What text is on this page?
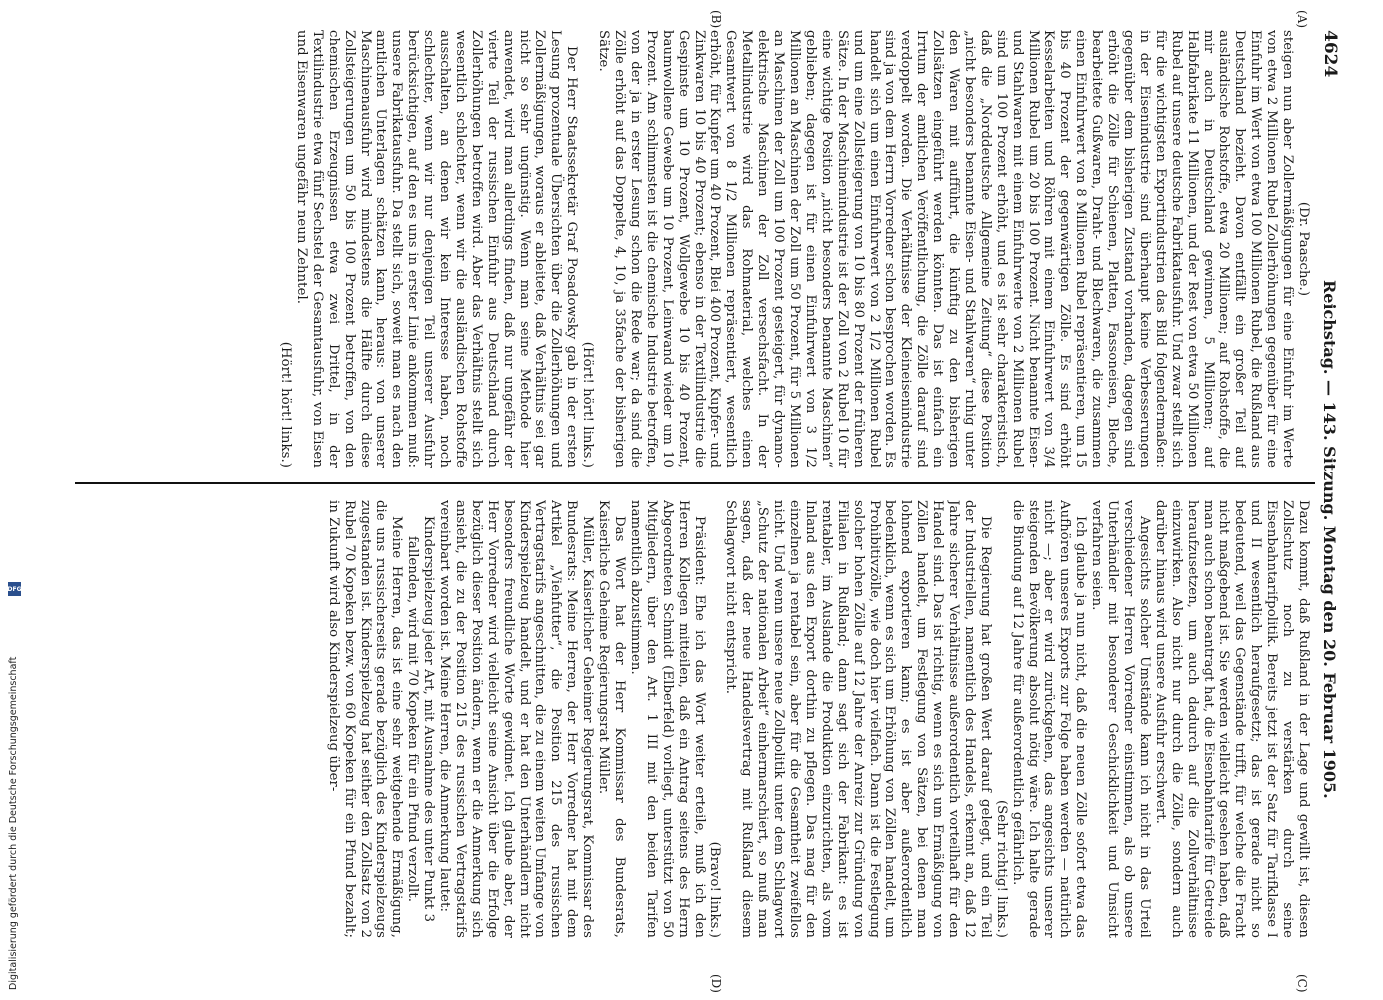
4624
Reichstag. — 143. Sitzung. Montag den 20. Februar 1905.
(A)
(B)
(C)
(D)

(Dr. Paasche.)

steigen nun aber Zollermäßigungen für eine Einfuhr im Werte von etwa 2 Millionen Rubel Zollerhöhungen gegenüber für eine Einfuhr im Wert von etwa 100 Millionen Rubel, die Rußland aus Deutschland bezieht. Davon entfällt ein großer Teil auf ausländische Rohstoffe, etwa 20 Millionen; auf Rohstoffe, die mir auch in Deutschland gewinnen, 5 Millionen; auf Halbfabrikate 11 Millionen, und der Rest von etwa 50 Millionen Rubel auf unsere deutsche Fabrikatausfuhr. Und zwar stellt sich für die wichtigsten Exportindustrien das Bild folgendermaßen: in der Eisenindustrie sind überhaupt keine Verbesserungen gegenüber dem bisherigen Zustand vorhanden, dagegen sind erhöht die Zölle für Schienen, Platten, Fassoneisen, Bleche, bearbeitete Gußwaren, Draht- und Blechwaren, die zusammen einen Einfuhrwert von 8 Millionen Rubel repräsentieren, um 15 bis 40 Prozent der gegenwärtigen Zölle. Es sind erhöht Kesselarbeiten und Röhren mit einem Einfuhrwert von 3/4 Millionen Rubel um 20 bis 100 Prozent. Nicht benannte Eisen- und Stahlwaren mit einem Einfuhrwerte von 2 Millionen Rubel sind um 100 Prozent erhöht, und es ist sehr charakteristisch, daß die „Norddeutsche Allgemeine Zeitung“ diese Position „nicht besonders benannte Eisen- und Stahlwaren“ ruhig unter den Waren mit aufführt, die künftig zu den bisherigen Zollsätzen eingeführt werden könnten. Das ist einfach ein Irrtum der amtlichen Veröffentlichung, die Zölle darauf sind verdoppelt worden. Die Verhältnisse der Kleineisenindustrie sind ja von dem Herrn Vorredner schon besprochen worden. Es handelt sich um einen Einfuhrwert von 2 1/2 Millionen Rubel und um eine Zollsteigerung von 10 bis 80 Prozent der früheren Sätze. In der Maschinenindustrie ist der Zoll von 2 Rubel 10 für eine wichtige Position „nicht besonders benannte Maschinen“ geblieben; dagegen ist für einen Einfuhrwert von 3 1/2 Millionen an Maschinen der Zoll um 50 Prozent, für 5 Millionen an Maschinen der Zoll um 100 Prozent gesteigert, für dynamo-elektrische Maschinen der Zoll versechsfacht. In der Metallindustrie wird das Rohmaterial, welches einen Gesamtwert von 8 1/2 Millionen repräsentiert, wesentlich erhöht, für Kupfer um 40 Prozent, Blei 400 Prozent, Kupfer- und Zinkwaren 10 bis 40 Prozent; ebenso in der Textilindustrie die Gespinste um 10 Prozent, Wollgewebe 10 bis 40 Prozent, baumwollene Gewebe um 10 Prozent, Leinwand wieder um 10 Prozent. Am schlimmsten ist die chemische Industrie betroffen, von der ja in erster Lesung schon die Rede war; da sind die Zölle erhöht auf das Doppelte, 4, 10, ja 35fache der bisherigen Sätze.

(Hört! hört! links.)

Der Herr Staatssekretär Graf Posadowsky gab in der ersten Lesung prozentuale Übersichten über die Zollerhöhungen und Zollermäßigungen, woraus er ableitete, daß Verhältnis sei gar nicht so sehr ungünstig. Wenn man seine Methode hier anwendet, wird man allerdings finden, daß nur ungefähr der vierte Teil der russischen Einfuhr aus Deutschland durch Zollerhöhungen betroffen wird. Aber das Verhältnis stellt sich wesentlich schlechter, wenn wir die ausländischen Rohstoffe ausschalten, an denen wir kein Interesse haben, noch schlechter, wenn wir nur denjenigen Teil unserer Ausfuhr berücksichtigen, auf den es uns in erster Linie ankommen muß: unsere Fabrikatausfuhr. Da stellt sich, soweit man es nach den amtlichen Unterlagen schätzen kann, heraus: von unserer Maschinenausfuhr wird mindestens die Hälfte durch diese Zollsteigerungen um 50 bis 100 Prozent betroffen, von den chemischen Erzeugnissen etwa zwei Drittel, in der Textilindustrie etwa fünf Sechstel der Gesamtausfuhr, von Eisen und Eisenwaren ungefähr neun Zehntel.

(Hört! hört! links.)

Dazu kommt, daß Rußland in der Lage und gewillt ist, diesen Zollschutz noch zu verstärken durch seine Eisenbahntarifpolitik. Bereits jetzt ist der Satz für Tarifklasse I und II wesentlich heraufgesetzt; das ist gerade nicht so bedeutend, weil das Gegenstände trifft, für welche die Fracht nicht maßgebend ist. Sie werden vielleicht gesehen haben, daß man auch schon beantragt hat, die Eisenbahntarife für Getreide heraufzusetzen, um auch dadurch auf die Zollverhältnisse einzuwirken. Also nicht nur durch die Zölle, sondern auch darüber hinaus wird unsere Ausfuhr erschwert.

Angesichts solcher Umstände kann ich nicht in das Urteil verschiedener Herren Vorredner einstimmen, als ob unsere Unterhändler mit besonderer Geschicklichkeit und Umsicht verfahren seien.

Ich glaube ja nun nicht, daß die neuen Zölle sofort etwa das Aufhören unseres Exports zur Folge haben werden — natürlich nicht —; aber er wird zurückgehen, das angesichts unserer steigenden Bevölkerung absolut nötig wäre. Ich halte gerade die Bindung auf 12 Jahre für außerordentlich gefährlich.

(Sehr richtig! links.)

Die Regierung hat großen Wert darauf gelegt, und ein Teil der Industriellen, namentlich des Handels, erkennt an, daß 12 Jahre sicherer Verhältnisse außerordentlich vorteilhaft für den Handel sind. Das ist richtig, wenn es sich um Ermäßigung von Zöllen handelt, um Festlegung von Sätzen, bei denen man lohnend exportieren kann; es ist aber außerordentlich bedenklich, wenn es sich um Erhöhung von Zöllen handelt, um Prohibitivzölle, wie doch hier vielfach. Dann ist die Festlegung solcher hohen Zölle auf 12 Jahre der Anreiz zur Gründung von Filialen in Rußland; dann sagt sich der Fabrikant: es ist rentabler, im Auslande die Produktion einzurichten, als vom Inland aus den Export dorthin zu pflegen. Das mag für den einzelnen ja rentabel sein, aber für die Gesamtheit zweifellos nicht. Und wenn unsere neue Zollpolitik unter dem Schlagwort „Schutz der nationalen Arbeit“ einhermarschiert, so muß man sagen, daß der neue Handelsvertrag mit Rußland diesem Schlagwort nicht entspricht.

(Bravo! links.)

Präsident: Ehe ich das Wort weiter erteile, muß ich den Herren Kollegen mitteilen, daß ein Antrag seitens des Herrn Abgeordneten Schmidt (Elberfeld) vorliegt, unterstützt von 50 Mitgliedern, über den Art. 1 III mit den beiden Tarifen namentlich abzustimmen.

Das Wort hat der Herr Kommissar des Bundesrats, Kaiserliche Geheime Regierungsrat Müller.

Müller, Kaiserlicher Geheimer Regierungsrat, Kommissar des Bundesrats: Meine Herren, der Herr Vorredner hat mit dem Artikel „Viehfutter“, die Position 215 des russischen Vertragstarifs angeschnitten, die zu einem weiten Umfange von Kinderspielzeug handelt, und er hat den Unterhändlern nicht besonders freundliche Worte gewidmet. Ich glaube aber, der Herr Vorredner wird vielleicht seine Ansicht über die Erfolge bezüglich dieser Position ändern, wenn er die Anmerkung sich ansieht, die zu der Position 215 des russischen Vertragstarifs vereinbart worden ist. Meine Herren, die Anmerkung lautet:

Kinderspielzeug jeder Art, mit Ausnahme des unter Punkt 3 fallenden, wird mit 70 Kopeken für ein Pfund verzollt.

Meine Herren, das ist eine sehr weitgehende Ermäßigung, die uns russischerseits gerade bezüglich des Kinderspielzeugs zugestanden ist. Kinderspielzeug hat seither den Zollsatz von 2 Rubel 70 Kopeken bezw. von 60 Kopeken für ein Pfund bezahlt; in Zukunft wird also Kinderspielzeug über-

DFG
Digitalisierung gefördert durch die Deutsche Forschungsgemeinschaft
